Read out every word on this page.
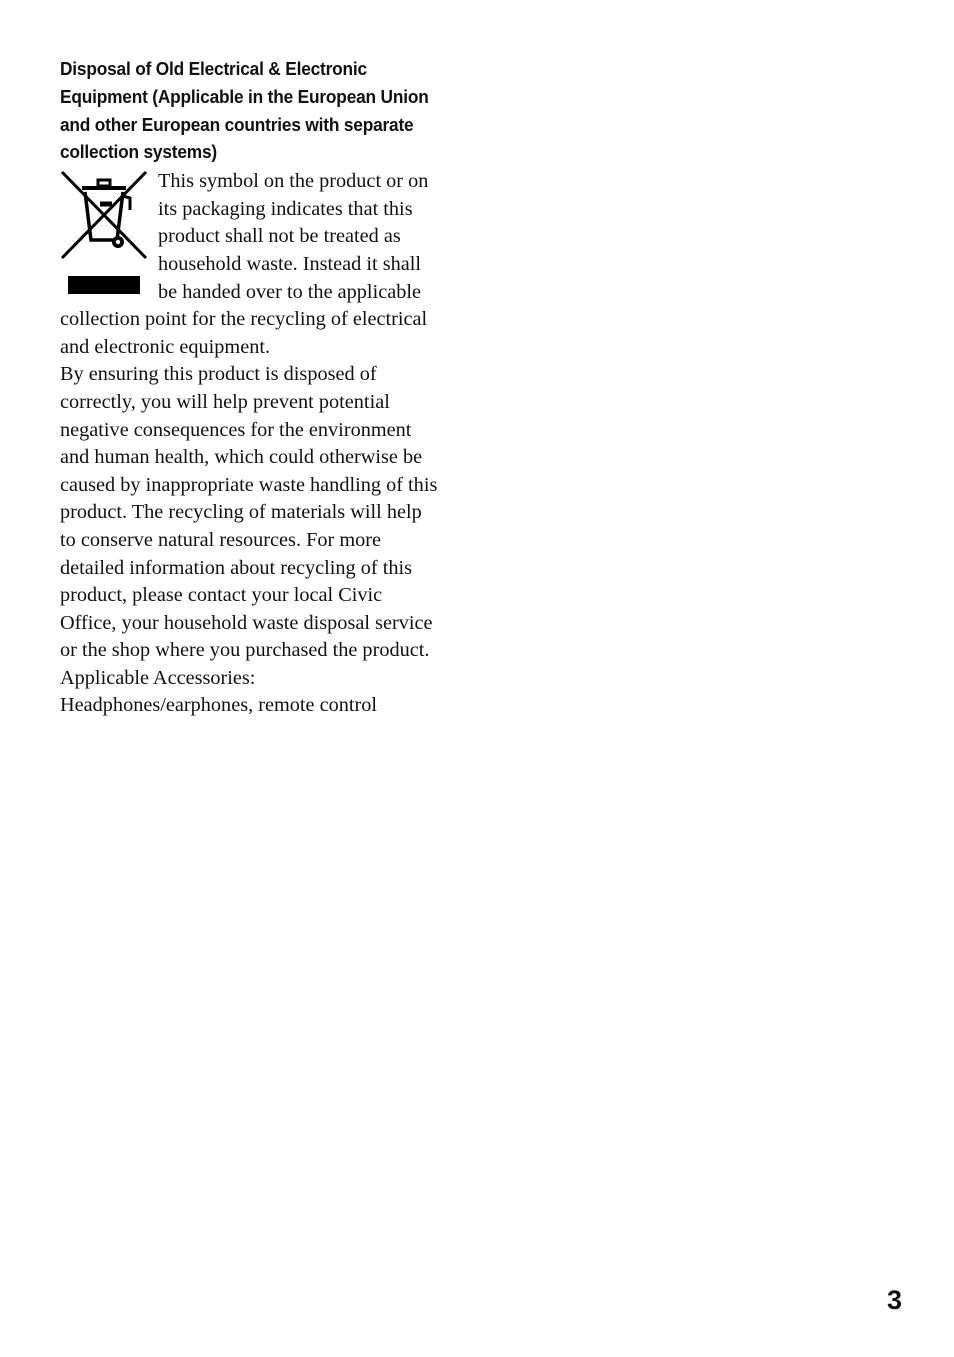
Disposal of Old Electrical & Electronic Equipment (Applicable in the European Union and other European countries with separate collection systems)

This symbol on the product or on its packaging indicates that this product shall not be treated as household waste. Instead it shall be handed over to the applicable collection point for the recycling of electrical and electronic equipment.

By ensuring this product is disposed of correctly, you will help prevent potential negative consequences for the environment and human health, which could otherwise be caused by inappropriate waste handling of this product. The recycling of materials will help to conserve natural resources. For more detailed information about recycling of this product, please contact your local Civic Office, your household waste disposal service or the shop where you purchased the product.

Applicable Accessories:

Headphones/earphones, remote control

3
